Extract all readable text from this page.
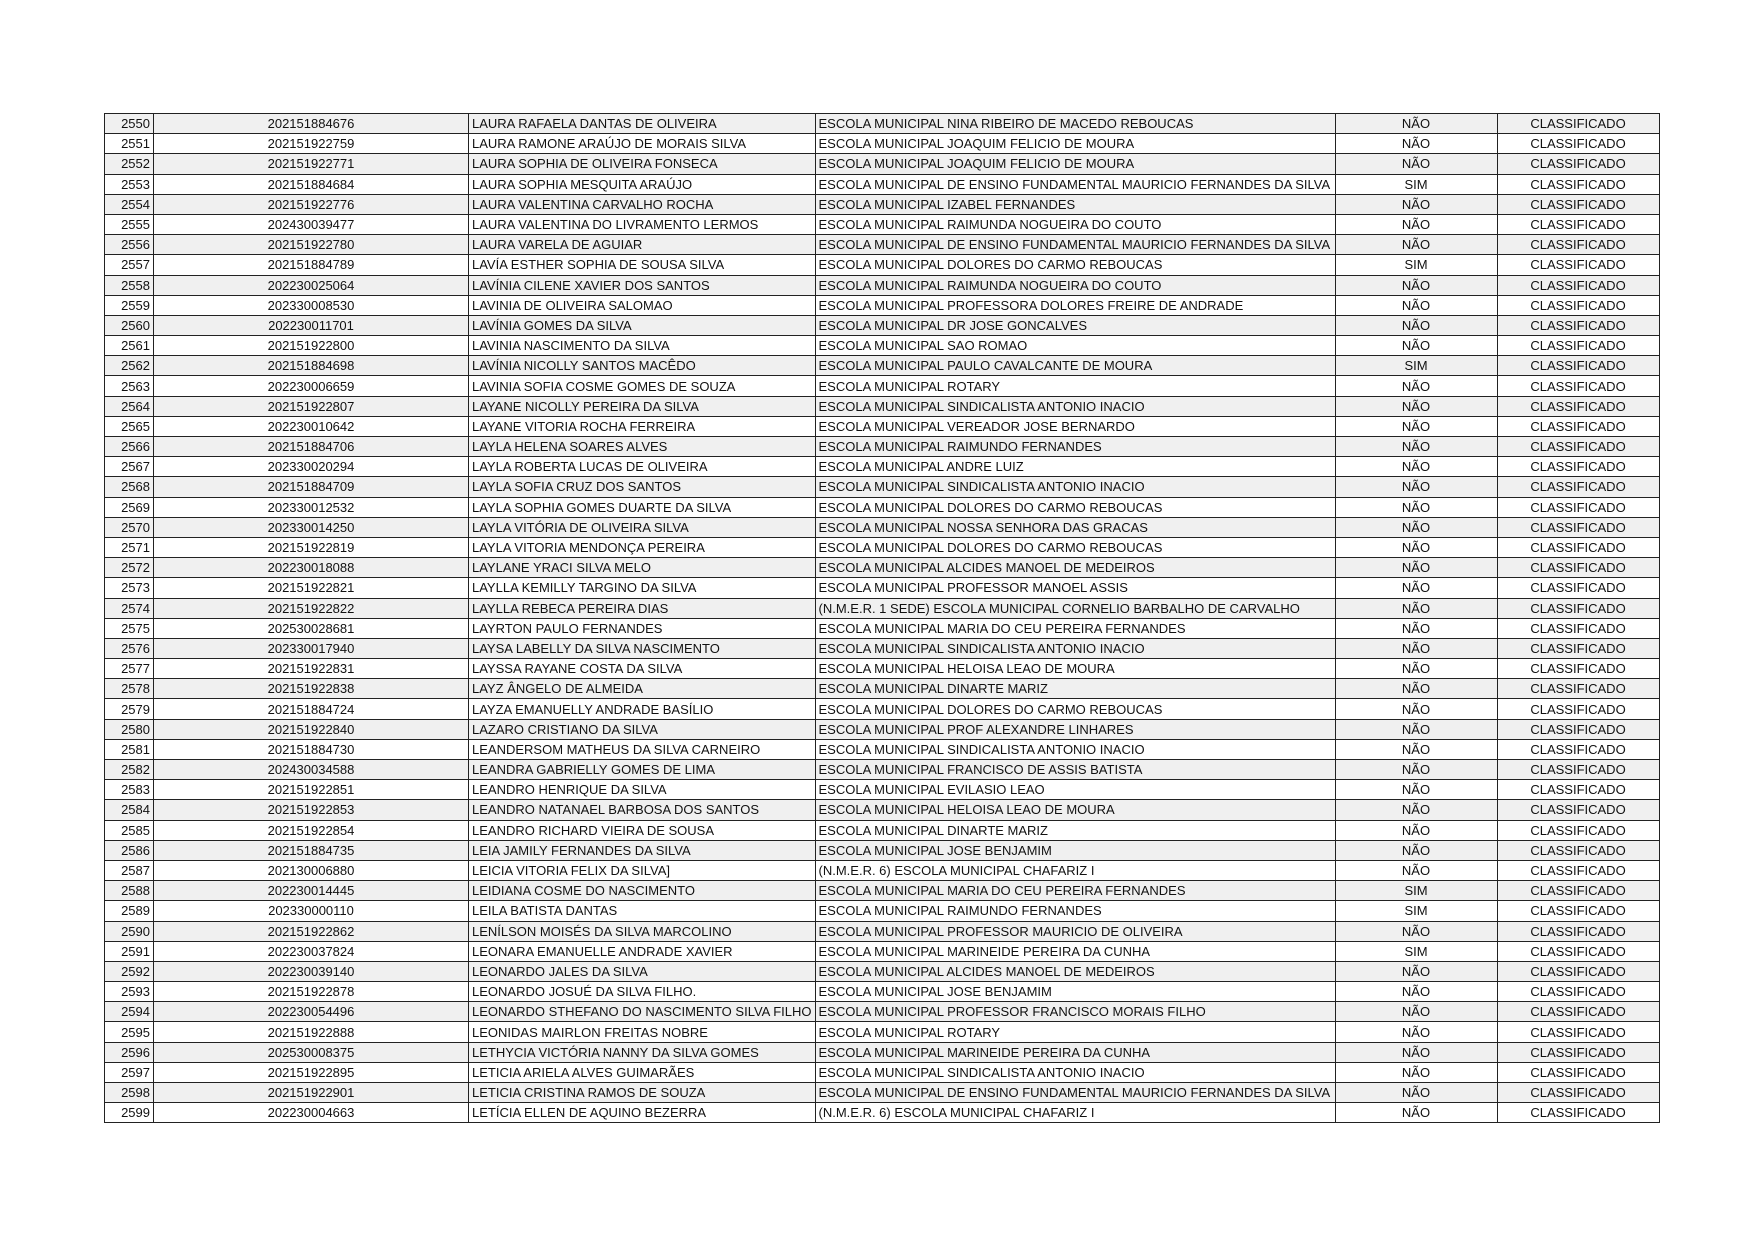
2550	202151884676	LAURA RAFAELA DANTAS DE OLIVEIRA	ESCOLA MUNICIPAL NINA RIBEIRO DE MACEDO REBOUCAS	NÃO	CLASSIFICADO
2551	202151922759	LAURA RAMONE ARAÚJO DE MORAIS SILVA	ESCOLA MUNICIPAL JOAQUIM FELICIO DE MOURA	NÃO	CLASSIFICADO
2552	202151922771	LAURA SOPHIA DE OLIVEIRA FONSECA	ESCOLA MUNICIPAL JOAQUIM FELICIO DE MOURA	NÃO	CLASSIFICADO
2553	202151884684	LAURA SOPHIA MESQUITA ARAÚJO	ESCOLA MUNICIPAL DE ENSINO FUNDAMENTAL MAURICIO FERNANDES DA SILVA	SIM	CLASSIFICADO
2554	202151922776	LAURA VALENTINA CARVALHO ROCHA	ESCOLA MUNICIPAL IZABEL FERNANDES	NÃO	CLASSIFICADO
2555	202430039477	LAURA VALENTINA DO LIVRAMENTO LERMOS	ESCOLA MUNICIPAL RAIMUNDA NOGUEIRA DO COUTO	NÃO	CLASSIFICADO
2556	202151922780	LAURA VARELA DE AGUIAR	ESCOLA MUNICIPAL DE ENSINO FUNDAMENTAL MAURICIO FERNANDES DA SILVA	NÃO	CLASSIFICADO
2557	202151884789	LAVÍA ESTHER SOPHIA DE SOUSA SILVA	ESCOLA MUNICIPAL DOLORES DO CARMO REBOUCAS	SIM	CLASSIFICADO
2558	202230025064	LAVÍNIA CILENE XAVIER DOS SANTOS	ESCOLA MUNICIPAL RAIMUNDA NOGUEIRA DO COUTO	NÃO	CLASSIFICADO
2559	202330008530	LAVINIA DE OLIVEIRA SALOMAO	ESCOLA MUNICIPAL PROFESSORA DOLORES FREIRE DE ANDRADE	NÃO	CLASSIFICADO
2560	202230011701	LAVÍNIA GOMES DA SILVA	ESCOLA MUNICIPAL DR JOSE GONCALVES	NÃO	CLASSIFICADO
2561	202151922800	LAVINIA NASCIMENTO DA SILVA	ESCOLA MUNICIPAL SAO ROMAO	NÃO	CLASSIFICADO
2562	202151884698	LAVÍNIA NICOLLY SANTOS MACÊDO	ESCOLA MUNICIPAL PAULO CAVALCANTE DE MOURA	SIM	CLASSIFICADO
2563	202230006659	LAVINIA SOFIA COSME GOMES DE SOUZA	ESCOLA MUNICIPAL ROTARY	NÃO	CLASSIFICADO
2564	202151922807	LAYANE NICOLLY PEREIRA DA SILVA	ESCOLA MUNICIPAL SINDICALISTA ANTONIO INACIO	NÃO	CLASSIFICADO
2565	202230010642	LAYANE VITORIA ROCHA FERREIRA	ESCOLA MUNICIPAL VEREADOR JOSE BERNARDO	NÃO	CLASSIFICADO
2566	202151884706	LAYLA HELENA SOARES ALVES	ESCOLA MUNICIPAL RAIMUNDO FERNANDES	NÃO	CLASSIFICADO
2567	202330020294	LAYLA ROBERTA LUCAS DE OLIVEIRA	ESCOLA MUNICIPAL ANDRE LUIZ	NÃO	CLASSIFICADO
2568	202151884709	LAYLA SOFIA CRUZ DOS SANTOS	ESCOLA MUNICIPAL SINDICALISTA ANTONIO INACIO	NÃO	CLASSIFICADO
2569	202330012532	LAYLA SOPHIA GOMES DUARTE DA SILVA	ESCOLA MUNICIPAL DOLORES DO CARMO REBOUCAS	NÃO	CLASSIFICADO
2570	202330014250	LAYLA VITÓRIA DE OLIVEIRA SILVA	ESCOLA MUNICIPAL NOSSA SENHORA DAS GRACAS	NÃO	CLASSIFICADO
2571	202151922819	LAYLA VITORIA MENDONÇA PEREIRA	ESCOLA MUNICIPAL DOLORES DO CARMO REBOUCAS	NÃO	CLASSIFICADO
2572	202230018088	LAYLANE YRACI SILVA MELO	ESCOLA MUNICIPAL ALCIDES MANOEL DE MEDEIROS	NÃO	CLASSIFICADO
2573	202151922821	LAYLLA KEMILLY TARGINO DA SILVA	ESCOLA MUNICIPAL PROFESSOR MANOEL ASSIS	NÃO	CLASSIFICADO
2574	202151922822	LAYLLA REBECA PEREIRA DIAS	(N.M.E.R. 1 SEDE) ESCOLA MUNICIPAL CORNELIO BARBALHO DE CARVALHO	NÃO	CLASSIFICADO
2575	202530028681	LAYRTON PAULO FERNANDES	ESCOLA MUNICIPAL MARIA DO CEU PEREIRA FERNANDES	NÃO	CLASSIFICADO
2576	202330017940	LAYSA LABELLY DA SILVA NASCIMENTO	ESCOLA MUNICIPAL SINDICALISTA ANTONIO INACIO	NÃO	CLASSIFICADO
2577	202151922831	LAYSSA RAYANE COSTA DA SILVA	ESCOLA MUNICIPAL HELOISA LEAO DE MOURA	NÃO	CLASSIFICADO
2578	202151922838	LAYZ ÂNGELO DE ALMEIDA	ESCOLA MUNICIPAL DINARTE MARIZ	NÃO	CLASSIFICADO
2579	202151884724	LAYZA EMANUELLY ANDRADE BASÍLIO	ESCOLA MUNICIPAL DOLORES DO CARMO REBOUCAS	NÃO	CLASSIFICADO
2580	202151922840	LAZARO CRISTIANO DA SILVA	ESCOLA MUNICIPAL PROF ALEXANDRE LINHARES	NÃO	CLASSIFICADO
2581	202151884730	LEANDERSOM MATHEUS DA SILVA CARNEIRO	ESCOLA MUNICIPAL SINDICALISTA ANTONIO INACIO	NÃO	CLASSIFICADO
2582	202430034588	LEANDRA GABRIELLY GOMES DE LIMA	ESCOLA MUNICIPAL FRANCISCO DE ASSIS BATISTA	NÃO	CLASSIFICADO
2583	202151922851	LEANDRO HENRIQUE DA SILVA	ESCOLA MUNICIPAL EVILASIO LEAO	NÃO	CLASSIFICADO
2584	202151922853	LEANDRO NATANAEL BARBOSA DOS SANTOS	ESCOLA MUNICIPAL HELOISA LEAO DE MOURA	NÃO	CLASSIFICADO
2585	202151922854	LEANDRO RICHARD VIEIRA DE SOUSA	ESCOLA MUNICIPAL DINARTE MARIZ	NÃO	CLASSIFICADO
2586	202151884735	LEIA JAMILY FERNANDES DA SILVA	ESCOLA MUNICIPAL JOSE BENJAMIM	NÃO	CLASSIFICADO
2587	202130006880	LEICIA VITORIA FELIX DA SILVA]	(N.M.E.R. 6) ESCOLA MUNICIPAL CHAFARIZ I	NÃO	CLASSIFICADO
2588	202230014445	LEIDIANA COSME DO NASCIMENTO	ESCOLA MUNICIPAL MARIA DO CEU PEREIRA FERNANDES	SIM	CLASSIFICADO
2589	202330000110	LEILA BATISTA DANTAS	ESCOLA MUNICIPAL RAIMUNDO FERNANDES	SIM	CLASSIFICADO
2590	202151922862	LENÍLSON MOISÉS DA SILVA MARCOLINO	ESCOLA MUNICIPAL PROFESSOR MAURICIO DE OLIVEIRA	NÃO	CLASSIFICADO
2591	202230037824	LEONARA EMANUELLE ANDRADE XAVIER	ESCOLA MUNICIPAL MARINEIDE PEREIRA DA CUNHA	SIM	CLASSIFICADO
2592	202230039140	LEONARDO JALES DA SILVA	ESCOLA MUNICIPAL ALCIDES MANOEL DE MEDEIROS	NÃO	CLASSIFICADO
2593	202151922878	LEONARDO JOSUÉ DA SILVA FILHO.	ESCOLA MUNICIPAL JOSE BENJAMIM	NÃO	CLASSIFICADO
2594	202230054496	LEONARDO STHEFANO DO NASCIMENTO SILVA FILHO	ESCOLA MUNICIPAL PROFESSOR FRANCISCO MORAIS FILHO	NÃO	CLASSIFICADO
2595	202151922888	LEONIDAS MAIRLON FREITAS NOBRE	ESCOLA MUNICIPAL ROTARY	NÃO	CLASSIFICADO
2596	202530008375	LETHYCIA VICTÓRIA NANNY DA SILVA GOMES	ESCOLA MUNICIPAL MARINEIDE PEREIRA DA CUNHA	NÃO	CLASSIFICADO
2597	202151922895	LETICIA ARIELA ALVES GUIMARÃES	ESCOLA MUNICIPAL SINDICALISTA ANTONIO INACIO	NÃO	CLASSIFICADO
2598	202151922901	LETICIA CRISTINA RAMOS DE SOUZA	ESCOLA MUNICIPAL DE ENSINO FUNDAMENTAL MAURICIO FERNANDES DA SILVA	NÃO	CLASSIFICADO
2599	202230004663	LETÍCIA ELLEN DE AQUINO BEZERRA	(N.M.E.R. 6) ESCOLA MUNICIPAL CHAFARIZ I	NÃO	CLASSIFICADO
